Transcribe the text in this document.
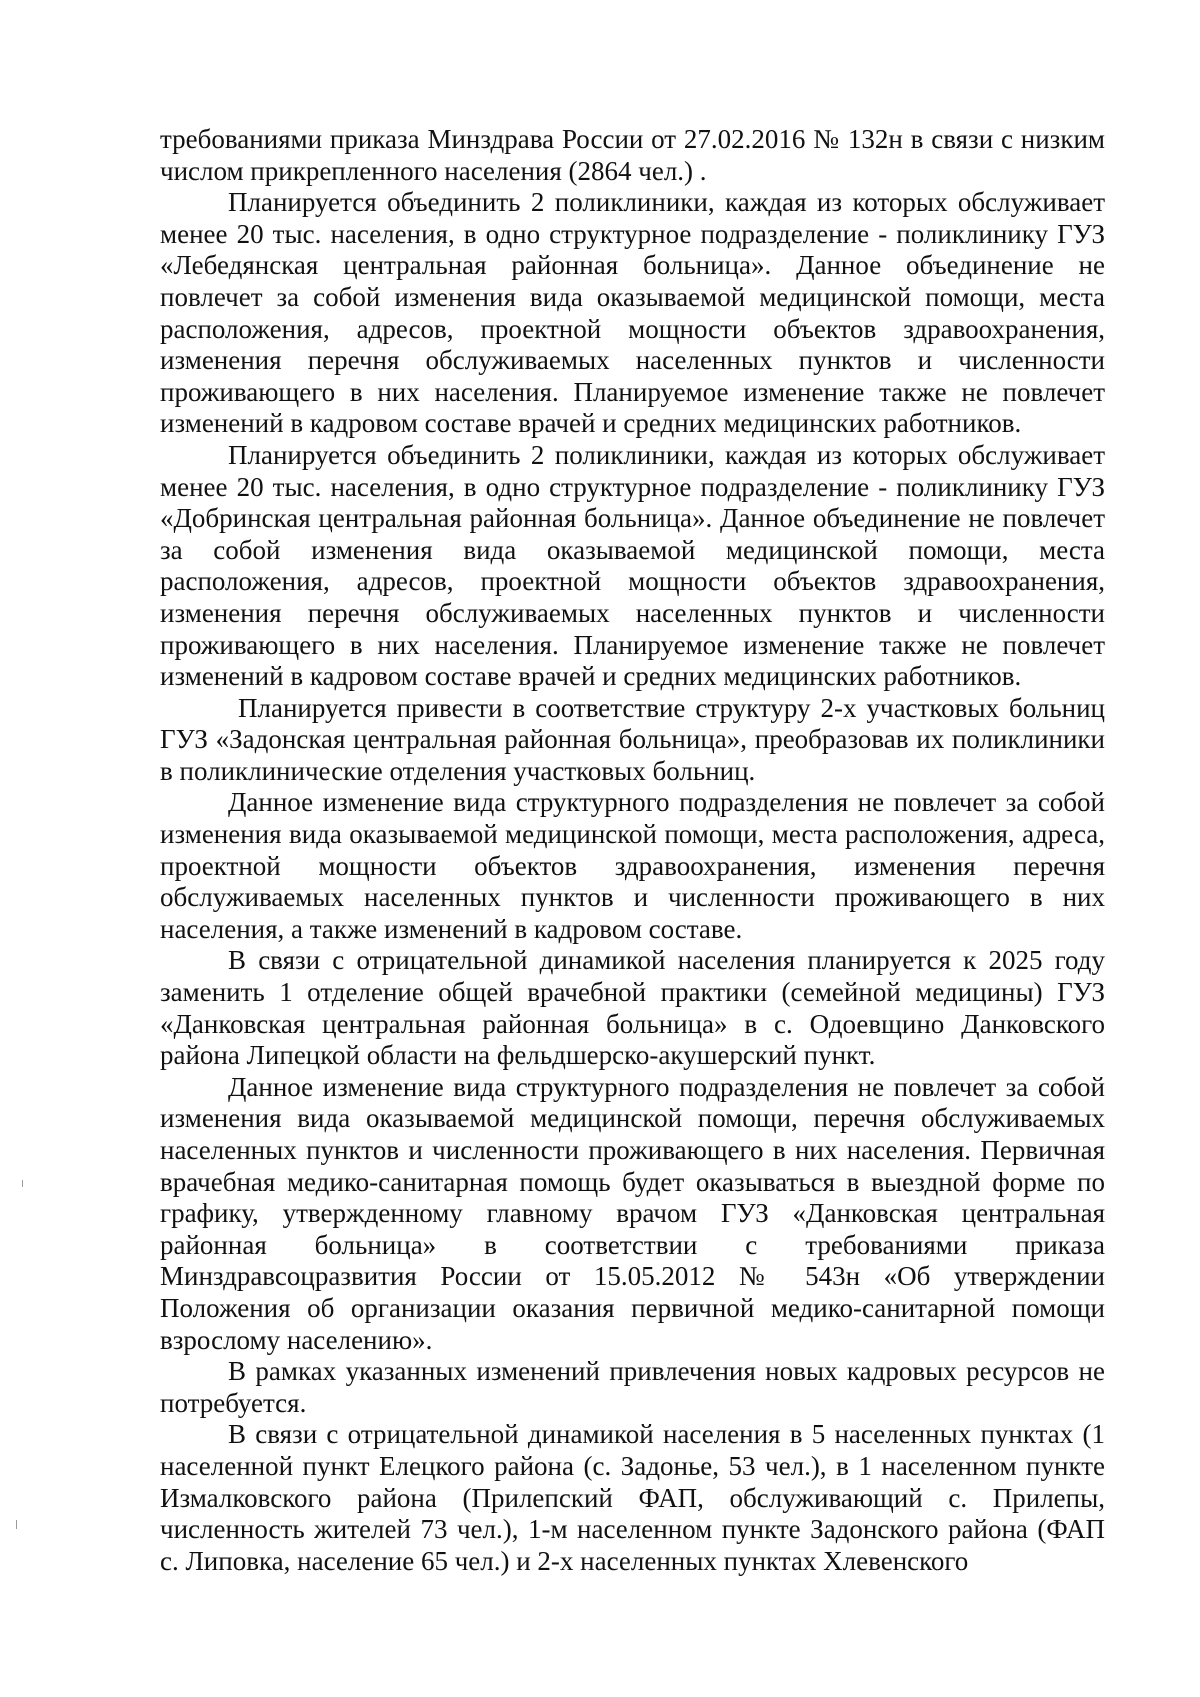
требованиями приказа Минздрава России от 27.02.2016 № 132н в связи с низким числом прикрепленного населения (2864 чел.) .

Планируется объединить 2 поликлиники, каждая из которых обслуживает менее 20 тыс. населения, в одно структурное подразделение - поликлинику ГУЗ «Лебедянская центральная районная больница». Данное объединение не повлечет за собой изменения вида оказываемой медицинской помощи, места расположения, адресов, проектной мощности объектов здравоохранения, изменения перечня обслуживаемых населенных пунктов и численности проживающего в них населения. Планируемое изменение также не повлечет изменений в кадровом составе врачей и средних медицинских работников.

Планируется объединить 2 поликлиники, каждая из которых обслуживает менее 20 тыс. населения, в одно структурное подразделение - поликлинику ГУЗ «Добринская центральная районная больница». Данное объединение не повлечет за собой изменения вида оказываемой медицинской помощи, места расположения, адресов, проектной мощности объектов здравоохранения, изменения перечня обслуживаемых населенных пунктов и численности проживающего в них населения. Планируемое изменение также не повлечет изменений в кадровом составе врачей и средних медицинских работников.

Планируется привести в соответствие структуру 2-х участковых больниц ГУЗ «Задонская центральная районная больница», преобразовав их поликлиники в поликлинические отделения участковых больниц.

Данное изменение вида структурного подразделения не повлечет за собой изменения вида оказываемой медицинской помощи, места расположения, адреса, проектной мощности объектов здравоохранения, изменения перечня обслуживаемых населенных пунктов и численности проживающего в них населения, а также изменений в кадровом составе.

В связи с отрицательной динамикой населения планируется к 2025 году заменить 1 отделение общей врачебной практики (семейной медицины) ГУЗ «Данковская центральная районная больница» в с. Одоевщино Данковского района Липецкой области на фельдшерско-акушерский пункт.

Данное изменение вида структурного подразделения не повлечет за собой изменения вида оказываемой медицинской помощи, перечня обслуживаемых населенных пунктов и численности проживающего в них населения. Первичная врачебная медико-санитарная помощь будет оказываться в выездной форме по графику, утвержденному главному врачом ГУЗ «Данковская центральная районная больница» в соответствии с требованиями приказа Минздравсоцразвития России от 15.05.2012 № 543н «Об утверждении Положения об организации оказания первичной медико-санитарной помощи взрослому населению».

В рамках указанных изменений привлечения новых кадровых ресурсов не потребуется.

В связи с отрицательной динамикой населения в 5 населенных пунктах (1 населенной пункт Елецкого района (с. Задонье, 53 чел.), в 1 населенном пункте Измалковского района (Прилепский ФАП, обслуживающий с. Прилепы, численность жителей 73 чел.), 1-м населенном пункте Задонского района (ФАП с. Липовка, население 65 чел.) и 2-х населенных пунктах Хлевенского
